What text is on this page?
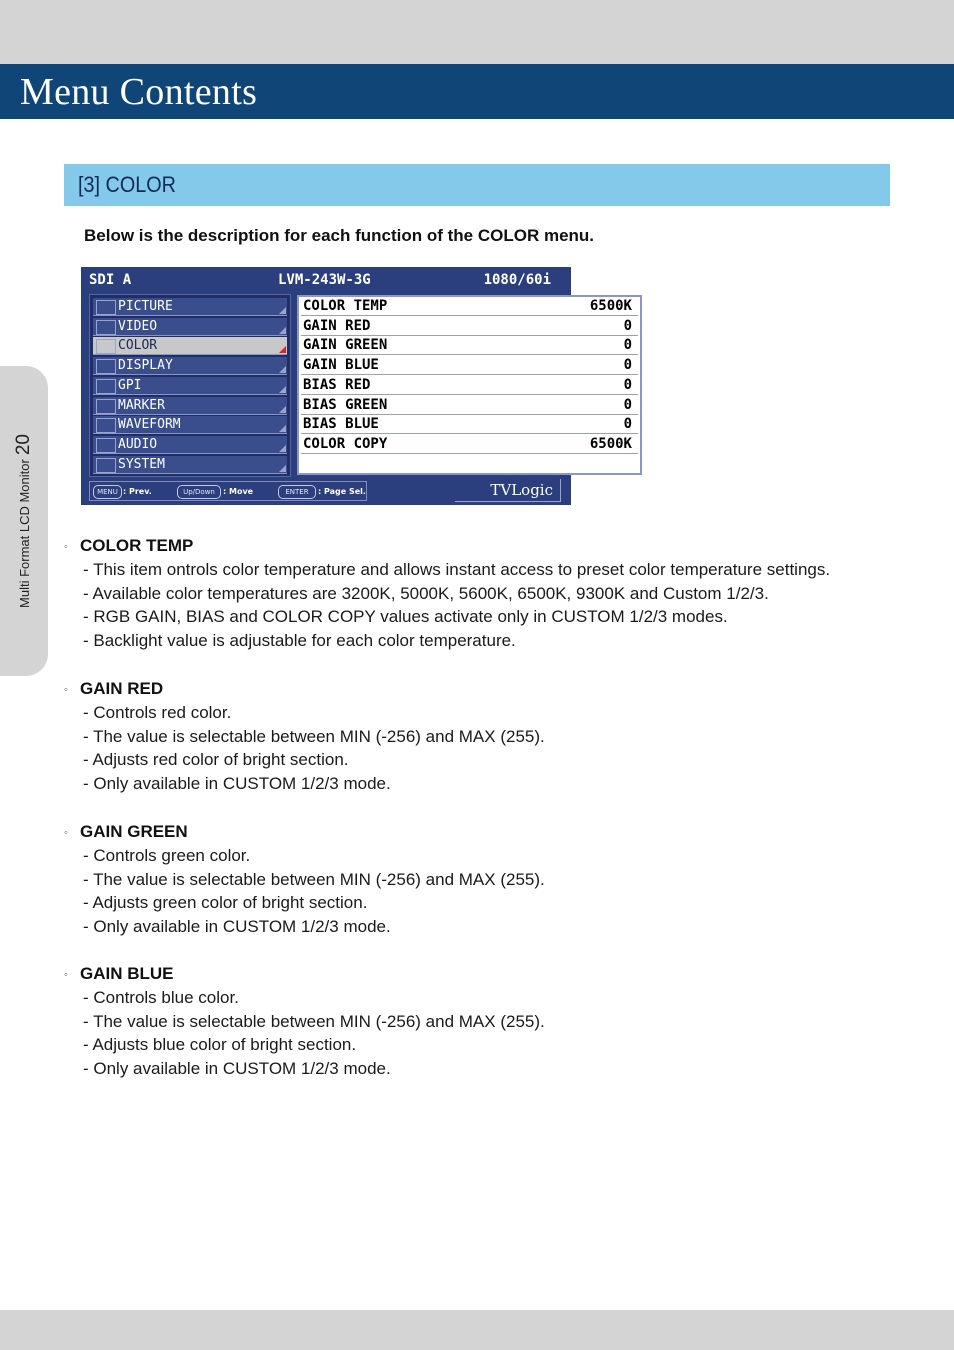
Menu Contents
Multi Format LCD Monitor20
[3] COLOR
Below is the description for each function of the COLOR menu.
SDI A	LVM-243W-3G	1080/60i
PICTURE
VIDEO
COLOR
DISPLAY
GPI
MARKER
WAVEFORM
AUDIO
SYSTEM
COLOR TEMP	6500K
GAIN RED	0
GAIN GREEN	0
GAIN BLUE	0
BIAS RED	0
BIAS GREEN	0
BIAS BLUE	0
COLOR COPY	6500K
MENU : Prev.	Up/Down	: Move	ENTER	: Page Sel.	TVLogic
◦ COLOR TEMP
- This item ontrols color temperature and allows instant access to preset color temperature settings.
- Available color temperatures are 3200K, 5000K, 5600K, 6500K, 9300K and Custom 1/2/3.
- RGB GAIN, BIAS and COLOR COPY values activate only in CUSTOM 1/2/3 modes.
- Backlight value is adjustable for each color temperature.
◦ GAIN RED
- Controls red color.
- The value is selectable between MIN (-256) and MAX (255).
- Adjusts red color of bright section.
- Only available in CUSTOM 1/2/3 mode.
◦ GAIN GREEN
- Controls green color.
- The value is selectable between MIN (-256) and MAX (255).
- Adjusts green color of bright section.
- Only available in CUSTOM 1/2/3 mode.
◦ GAIN BLUE
- Controls blue color.
- The value is selectable between MIN (-256) and MAX (255).
- Adjusts blue color of bright section.
- Only available in CUSTOM 1/2/3 mode.
